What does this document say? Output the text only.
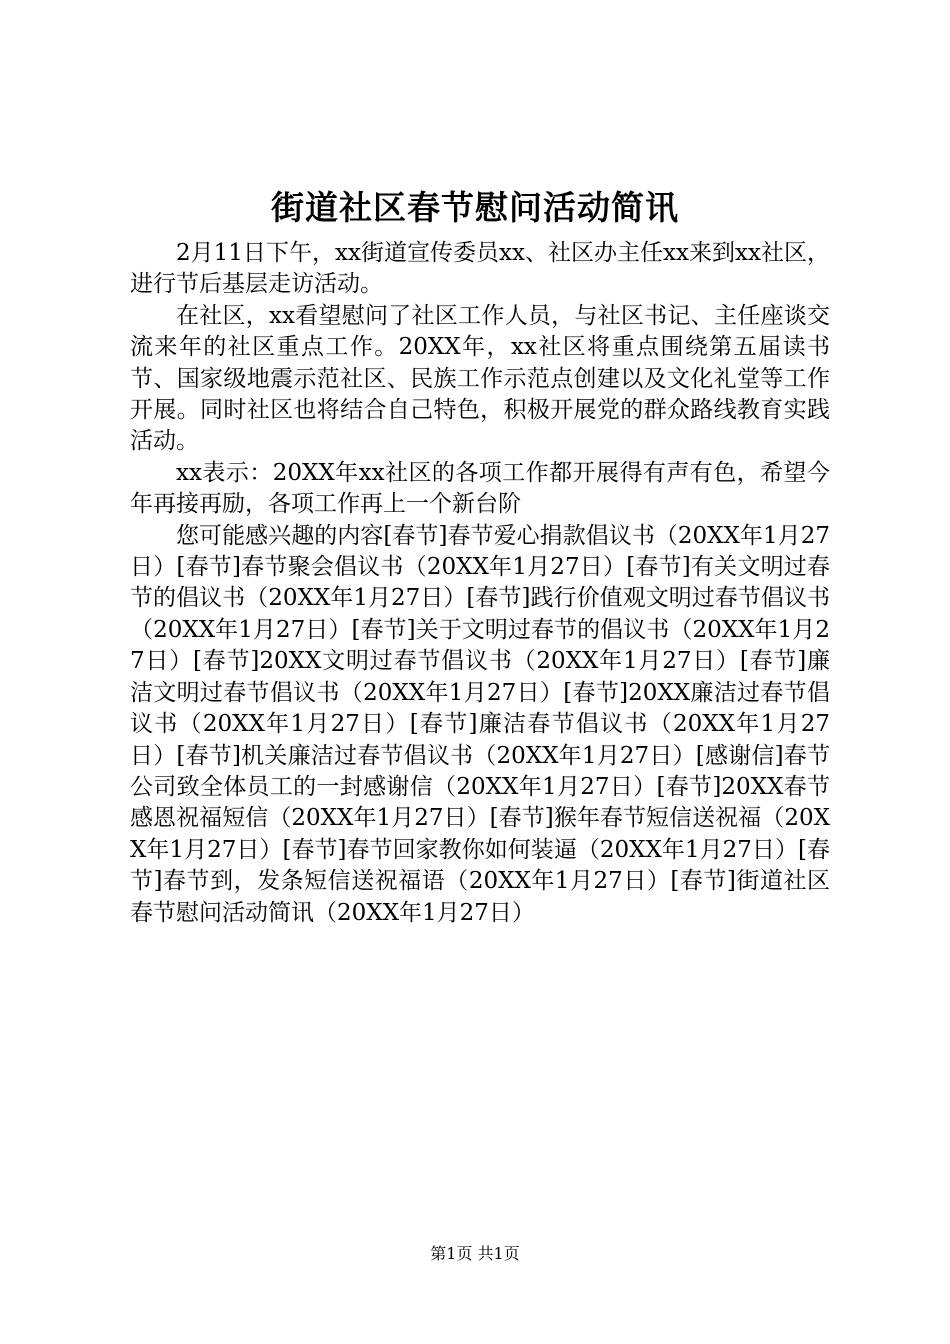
街道社区春节慰问活动简讯

2月11日下午，xx街道宣传委员xx、社区办主任xx来到xx社区，进行节后基层走访活动。

在社区，xx看望慰问了社区工作人员，与社区书记、主任座谈交流来年的社区重点工作。20XX年，xx社区将重点围绕第五届读书节、国家级地震示范社区、民族工作示范点创建以及文化礼堂等工作开展。同时社区也将结合自己特色，积极开展党的群众路线教育实践活动。

xx表示：20XX年xx社区的各项工作都开展得有声有色，希望今年再接再励，各项工作再上一个新台阶

您可能感兴趣的内容[春节]春节爱心捐款倡议书（20XX年1月27日）[春节]春节聚会倡议书（20XX年1月27日）[春节]有关文明过春节的倡议书（20XX年1月27日）[春节]践行价值观文明过春节倡议书（20XX年1月27日）[春节]关于文明过春节的倡议书（20XX年1月27日）[春节]20XX文明过春节倡议书（20XX年1月27日）[春节]廉洁文明过春节倡议书（20XX年1月27日）[春节]20XX廉洁过春节倡议书（20XX年1月27日）[春节]廉洁春节倡议书（20XX年1月27日）[春节]机关廉洁过春节倡议书（20XX年1月27日）[感谢信]春节公司致全体员工的一封感谢信（20XX年1月27日）[春节]20XX春节感恩祝福短信（20XX年1月27日）[春节]猴年春节短信送祝福（20XX年1月27日）[春节]春节回家教你如何装逼（20XX年1月27日）[春节]春节到，发条短信送祝福语（20XX年1月27日）[春节]街道社区春节慰问活动简讯（20XX年1月27日）

第1页 共1页
